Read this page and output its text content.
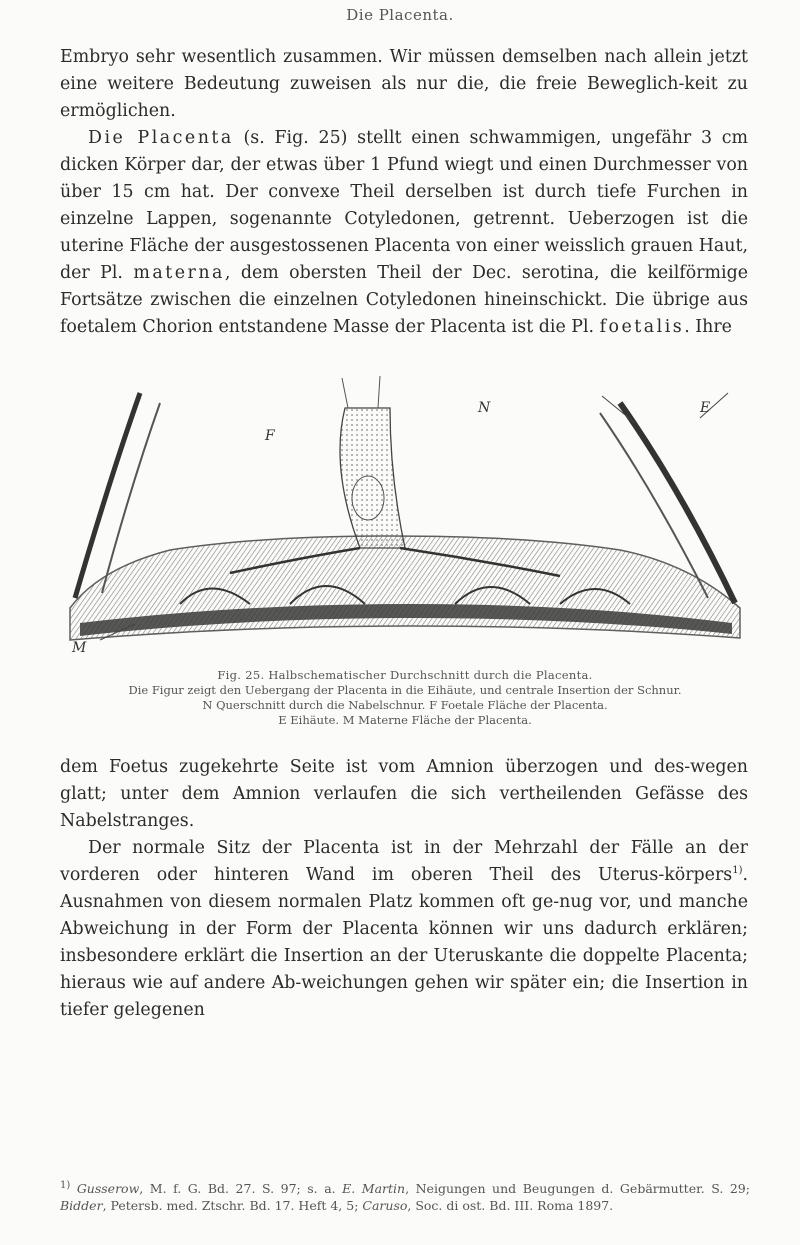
Die Placenta.

Embryo sehr wesentlich zusammen. Wir müssen demselben nach allein jetzt eine weitere Bedeutung zuweisen als nur die, die freie Beweglich-keit zu ermöglichen.

Die Placenta (s. Fig. 25) stellt einen schwammigen, ungefähr 3 cm dicken Körper dar, der etwas über 1 Pfund wiegt und einen Durchmesser von über 15 cm hat. Der convexe Theil derselben ist durch tiefe Furchen in einzelne Lappen, sogenannte Cotyledonen, getrennt. Ueberzogen ist die uterine Fläche der ausgestossenen Placenta von einer weisslich grauen Haut, der Pl. materna, dem obersten Theil der Dec. serotina, die keilförmige Fortsätze zwischen die einzelnen Cotyledonen hineinschickt. Die übrige aus foetalem Chorion entstandene Masse der Placenta ist die Pl. foetalis. Ihre

F
N	E
M
Fig. 25. Halbschematischer Durchschnitt durch die Placenta.
Die Figur zeigt den Uebergang der Placenta in die Eihäute, und centrale Insertion der Schnur.
N Querschnitt durch die Nabelschnur. F Foetale Fläche der Placenta.
E Eihäute. M Materne Fläche der Placenta.

dem Foetus zugekehrte Seite ist vom Amnion überzogen und des-wegen glatt; unter dem Amnion verlaufen die sich vertheilenden Gefässe des Nabelstranges.

Der normale Sitz der Placenta ist in der Mehrzahl der Fälle an der vorderen oder hinteren Wand im oberen Theil des Uterus-körpers$^{1)}$. Ausnahmen von diesem normalen Platz kommen oft ge-nug vor, und manche Abweichung in der Form der Placenta können wir uns dadurch erklären; insbesondere erklärt die Insertion an der Uteruskante die doppelte Placenta; hieraus wie auf andere Ab-weichungen gehen wir später ein; die Insertion in tiefer gelegenen

$^{1)}$ Gusserow, M. f. G. Bd. 27. S. 97; s. a. E. Martin, Neigungen und Beugungen d. Gebärmutter. S. 29; Bidder, Petersb. med. Ztschr. Bd. 17. Heft 4, 5; Caruso, Soc. di ost. Bd. III. Roma 1897.
